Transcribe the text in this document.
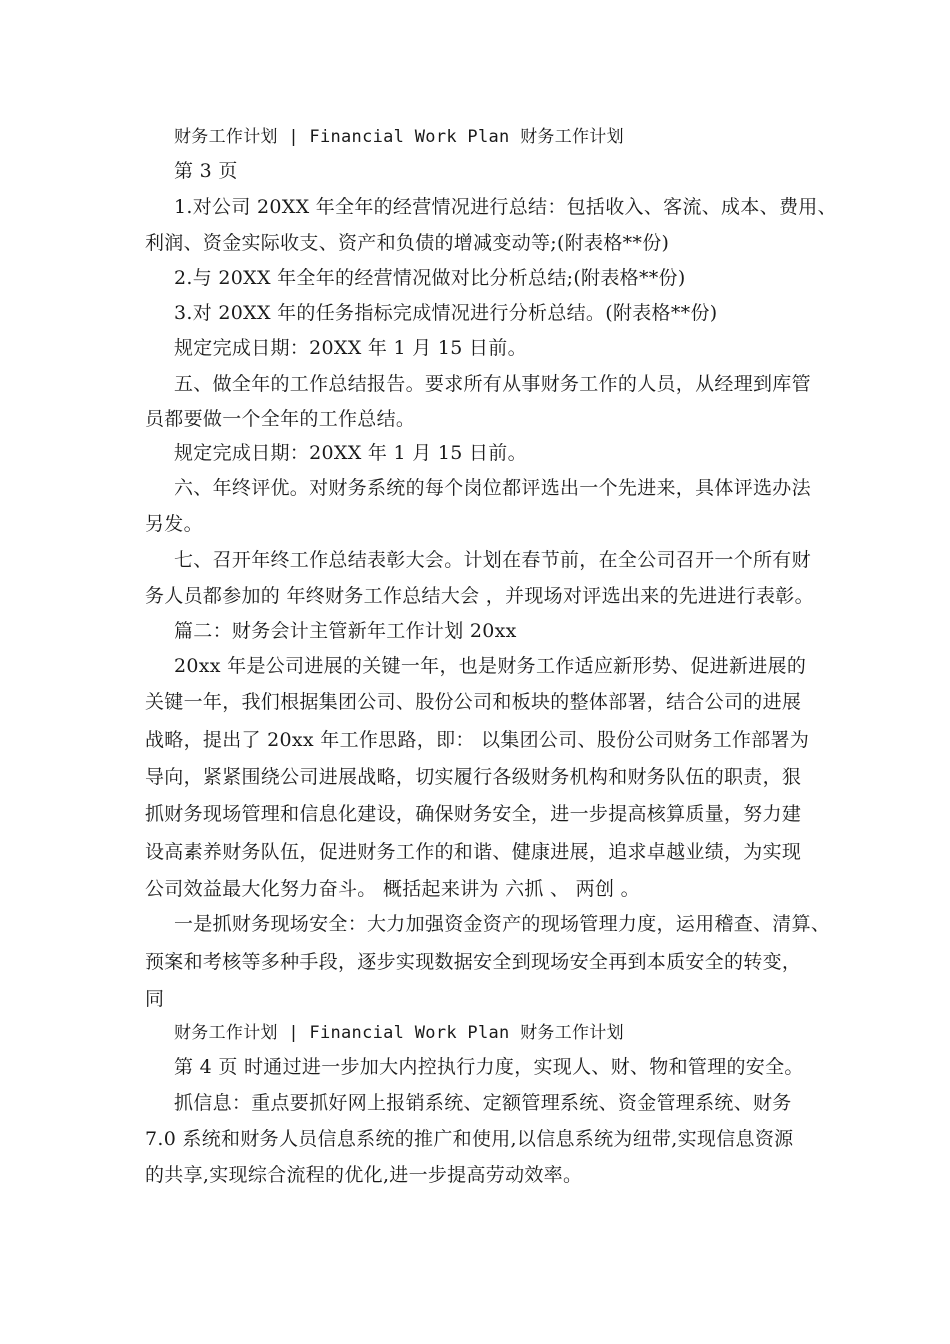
财务工作计划 | Financial Work Plan 财务工作计划
第 3 页
1.对公司 20XX 年全年的经营情况进行总结：包括收入、客流、成本、费用、
利润、资金实际收支、资产和负债的增减变动等;(附表格**份)
2.与 20XX 年全年的经营情况做对比分析总结;(附表格**份)
3.对 20XX 年的任务指标完成情况进行分析总结。(附表格**份)
规定完成日期：20XX 年 1 月 15 日前。
五、做全年的工作总结报告。要求所有从事财务工作的人员，从经理到库管
员都要做一个全年的工作总结。
规定完成日期：20XX 年 1 月 15 日前。
六、年终评优。对财务系统的每个岗位都评选出一个先进来，具体评选办法
另发。
七、召开年终工作总结表彰大会。计划在春节前，在全公司召开一个所有财
务人员都参加的 年终财务工作总结大会 ，并现场对评选出来的先进进行表彰。
篇二：财务会计主管新年工作计划 20xx
20xx 年是公司进展的关键一年，也是财务工作适应新形势、促进新进展的
关键一年，我们根据集团公司、股份公司和板块的整体部署，结合公司的进展
战略，提出了 20xx 年工作思路，即： 以集团公司、股份公司财务工作部署为
导向，紧紧围绕公司进展战略，切实履行各级财务机构和财务队伍的职责，狠
抓财务现场管理和信息化建设，确保财务安全，进一步提高核算质量，努力建
设高素养财务队伍，促进财务工作的和谐、健康进展，追求卓越业绩，为实现
公司效益最大化努力奋斗。 概括起来讲为 六抓 、 两创 。
一是抓财务现场安全：大力加强资金资产的现场管理力度，运用稽查、清算、
预案和考核等多种手段，逐步实现数据安全到现场安全再到本质安全的转变，
同
财务工作计划 | Financial Work Plan 财务工作计划
第 4 页 时通过进一步加大内控执行力度，实现人、财、物和管理的安全。
抓信息：重点要抓好网上报销系统、定额管理系统、资金管理系统、财务
7.0 系统和财务人员信息系统的推广和使用,以信息系统为纽带,实现信息资源
的共享,实现综合流程的优化,进一步提高劳动效率。
